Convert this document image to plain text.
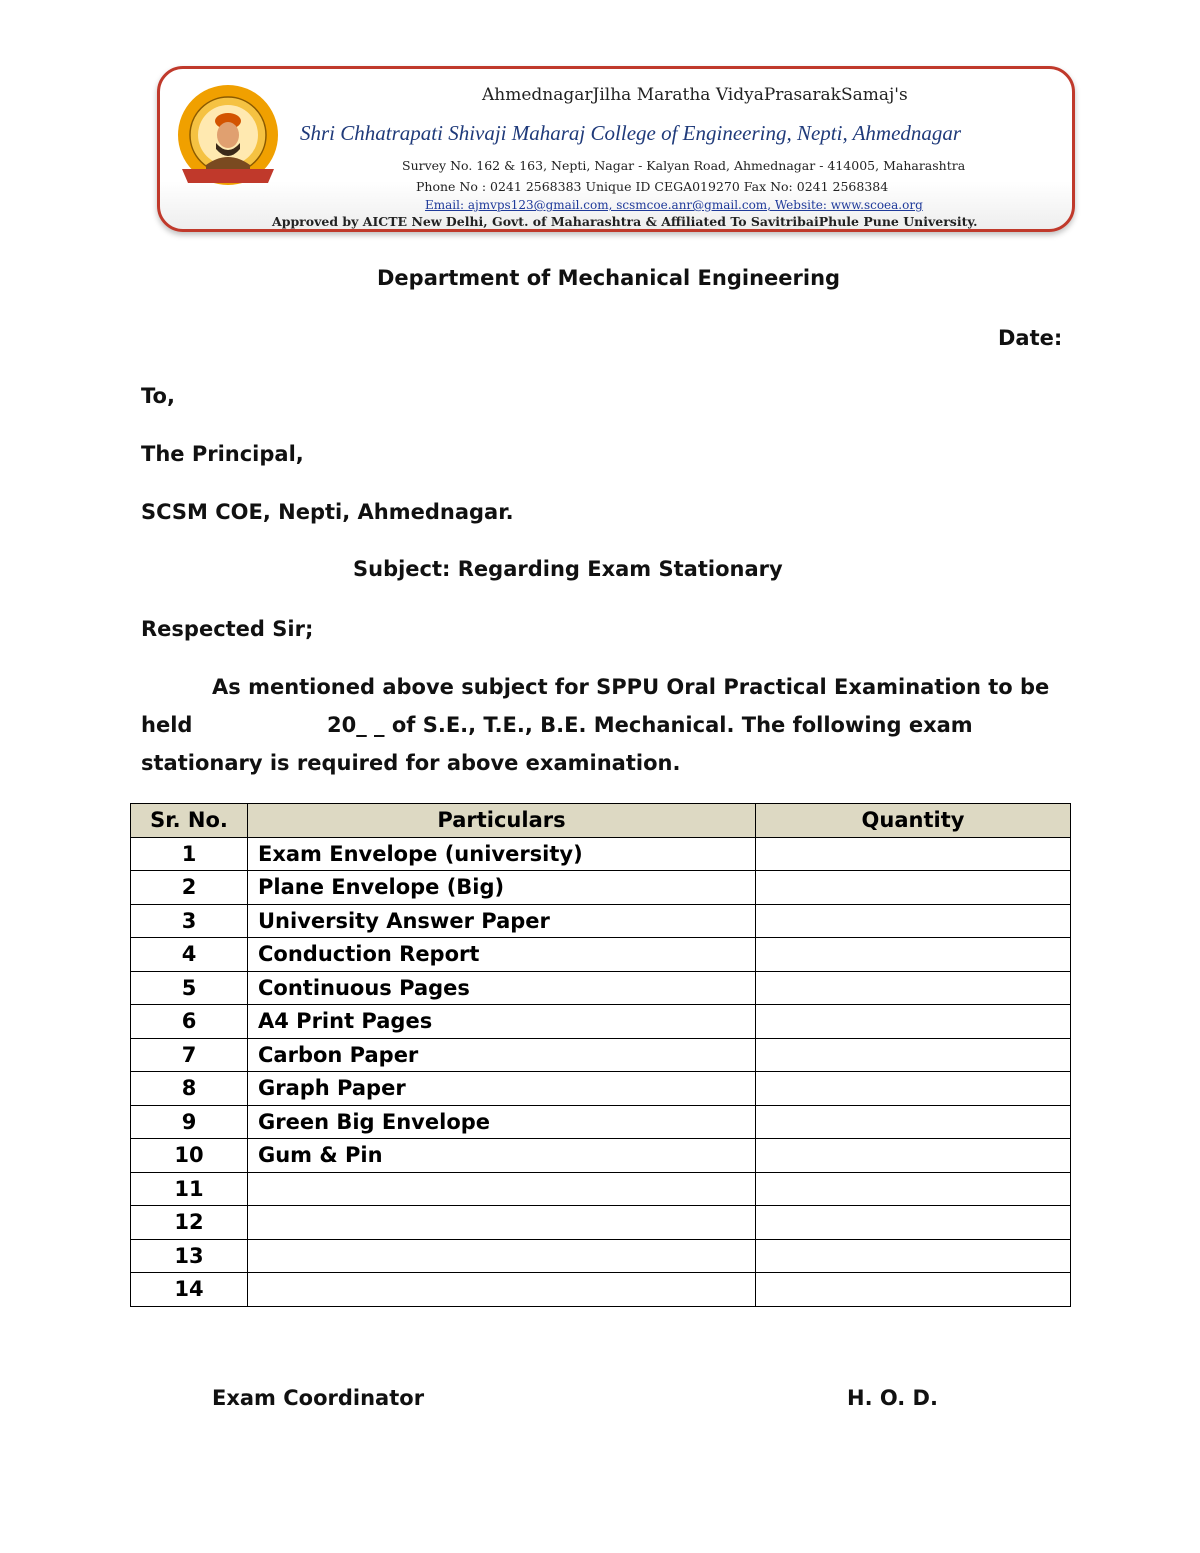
AhmednagarJilha Maratha VidyaPrasarakSamaj's
Shri Chhatrapati Shivaji Maharaj College of Engineering, Nepti, Ahmednagar
Survey No. 162 & 163, Nepti, Nagar - Kalyan Road, Ahmednagar - 414005, Maharashtra
Phone No : 0241 2568383 Unique ID CEGA019270 Fax No: 0241 2568384
Email: ajmvps123@gmail.com, scsmcoe.anr@gmail.com, Website: www.scoea.org
Approved by AICTE New Delhi, Govt. of Maharashtra & Affiliated To SavitribaiPhule Pune University.
Department of Mechanical Engineering
Date:
To,
The Principal,
SCSM COE, Nepti, Ahmednagar.
Subject: Regarding Exam Stationary
Respected Sir;
As mentioned above subject for SPPU Oral Practical Examination to be
held	20_ _ of S.E., T.E., B.E. Mechanical. The following exam
stationary is required for above examination.
Sr. No.	Particulars	Quantity
1	Exam Envelope (university)	
2	Plane Envelope (Big)	
3	University Answer Paper	
4	Conduction Report	
5	Continuous Pages	
6	A4 Print Pages	
7	Carbon Paper	
8	Graph Paper	
9	Green Big Envelope	
10	Gum & Pin	
11		
12		
13		
14		
Exam Coordinator	H. O. D.
